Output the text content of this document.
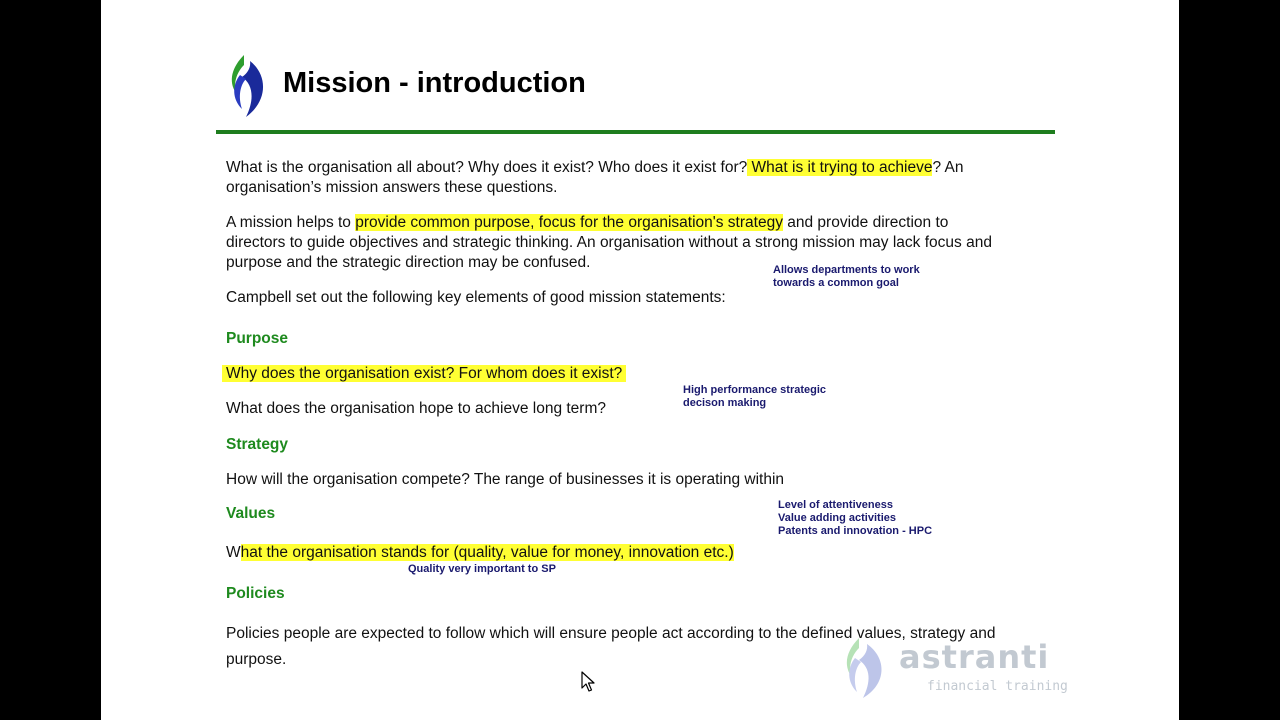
Mission - introduction
What is the organisation all about? Why does it exist? Who does it exist for? What is it trying to achieve? An
organisation’s mission answers these questions.
A mission helps to provide common purpose, focus for the organisation's strategy and provide direction to
directors to guide objectives and strategic thinking. An organisation without a strong mission may lack focus and
purpose and the strategic direction may be confused.	Allows departments to work
towards a common goal
Campbell set out the following key elements of good mission statements:
Purpose
Why does the organisation exist? For whom does it exist?
High performance strategic
decison making
What does the organisation hope to achieve long term?
Strategy
How will the organisation compete? The range of businesses it is operating within
Level of attentiveness
Value adding activities
Patents and innovation - HPC
Values
What the organisation stands for (quality, value for money, innovation etc.)
Quality very important to SP
Policies
Policies people are expected to follow which will ensure people act according to the defined values, strategy and
purpose.	astranti
financial training
